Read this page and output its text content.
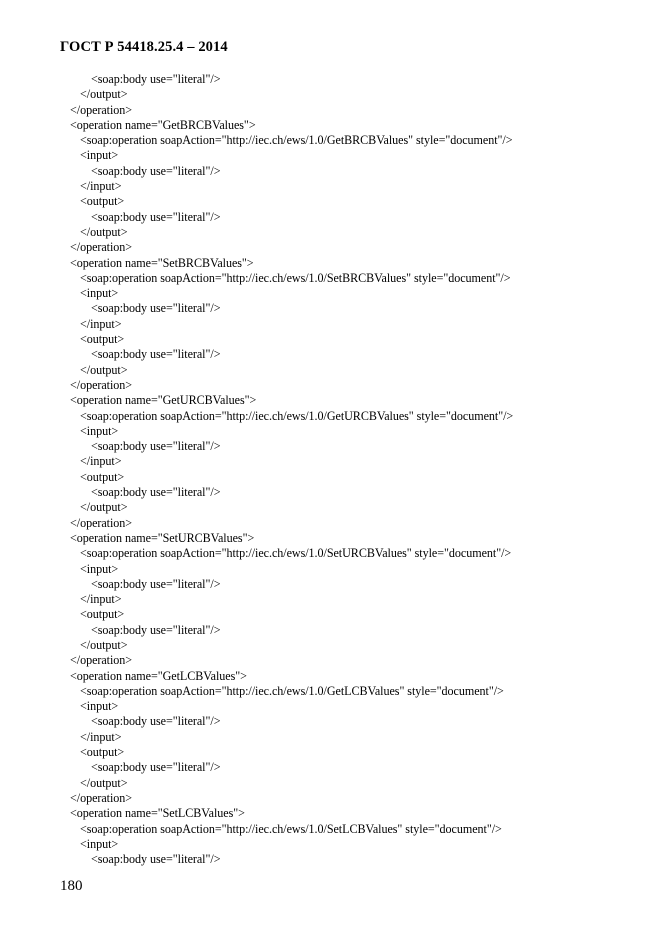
ГОСТ Р 54418.25.4 – 2014
<soap:body use="literal"/>
</output>
</operation>
<operation name="GetBRCBValues">
<soap:operation soapAction="http://iec.ch/ews/1.0/GetBRCBValues" style="document"/>
<input>
<soap:body use="literal"/>
</input>
<output>
<soap:body use="literal"/>
</output>
</operation>
<operation name="SetBRCBValues">
<soap:operation soapAction="http://iec.ch/ews/1.0/SetBRCBValues" style="document"/>
<input>
<soap:body use="literal"/>
</input>
<output>
<soap:body use="literal"/>
</output>
</operation>
<operation name="GetURCBValues">
<soap:operation soapAction="http://iec.ch/ews/1.0/GetURCBValues" style="document"/>
<input>
<soap:body use="literal"/>
</input>
<output>
<soap:body use="literal"/>
</output>
</operation>
<operation name="SetURCBValues">
<soap:operation soapAction="http://iec.ch/ews/1.0/SetURCBValues" style="document"/>
<input>
<soap:body use="literal"/>
</input>
<output>
<soap:body use="literal"/>
</output>
</operation>
<operation name="GetLCBValues">
<soap:operation soapAction="http://iec.ch/ews/1.0/GetLCBValues" style="document"/>
<input>
<soap:body use="literal"/>
</input>
<output>
<soap:body use="literal"/>
</output>
</operation>
<operation name="SetLCBValues">
<soap:operation soapAction="http://iec.ch/ews/1.0/SetLCBValues" style="document"/>
<input>
<soap:body use="literal"/>
180
